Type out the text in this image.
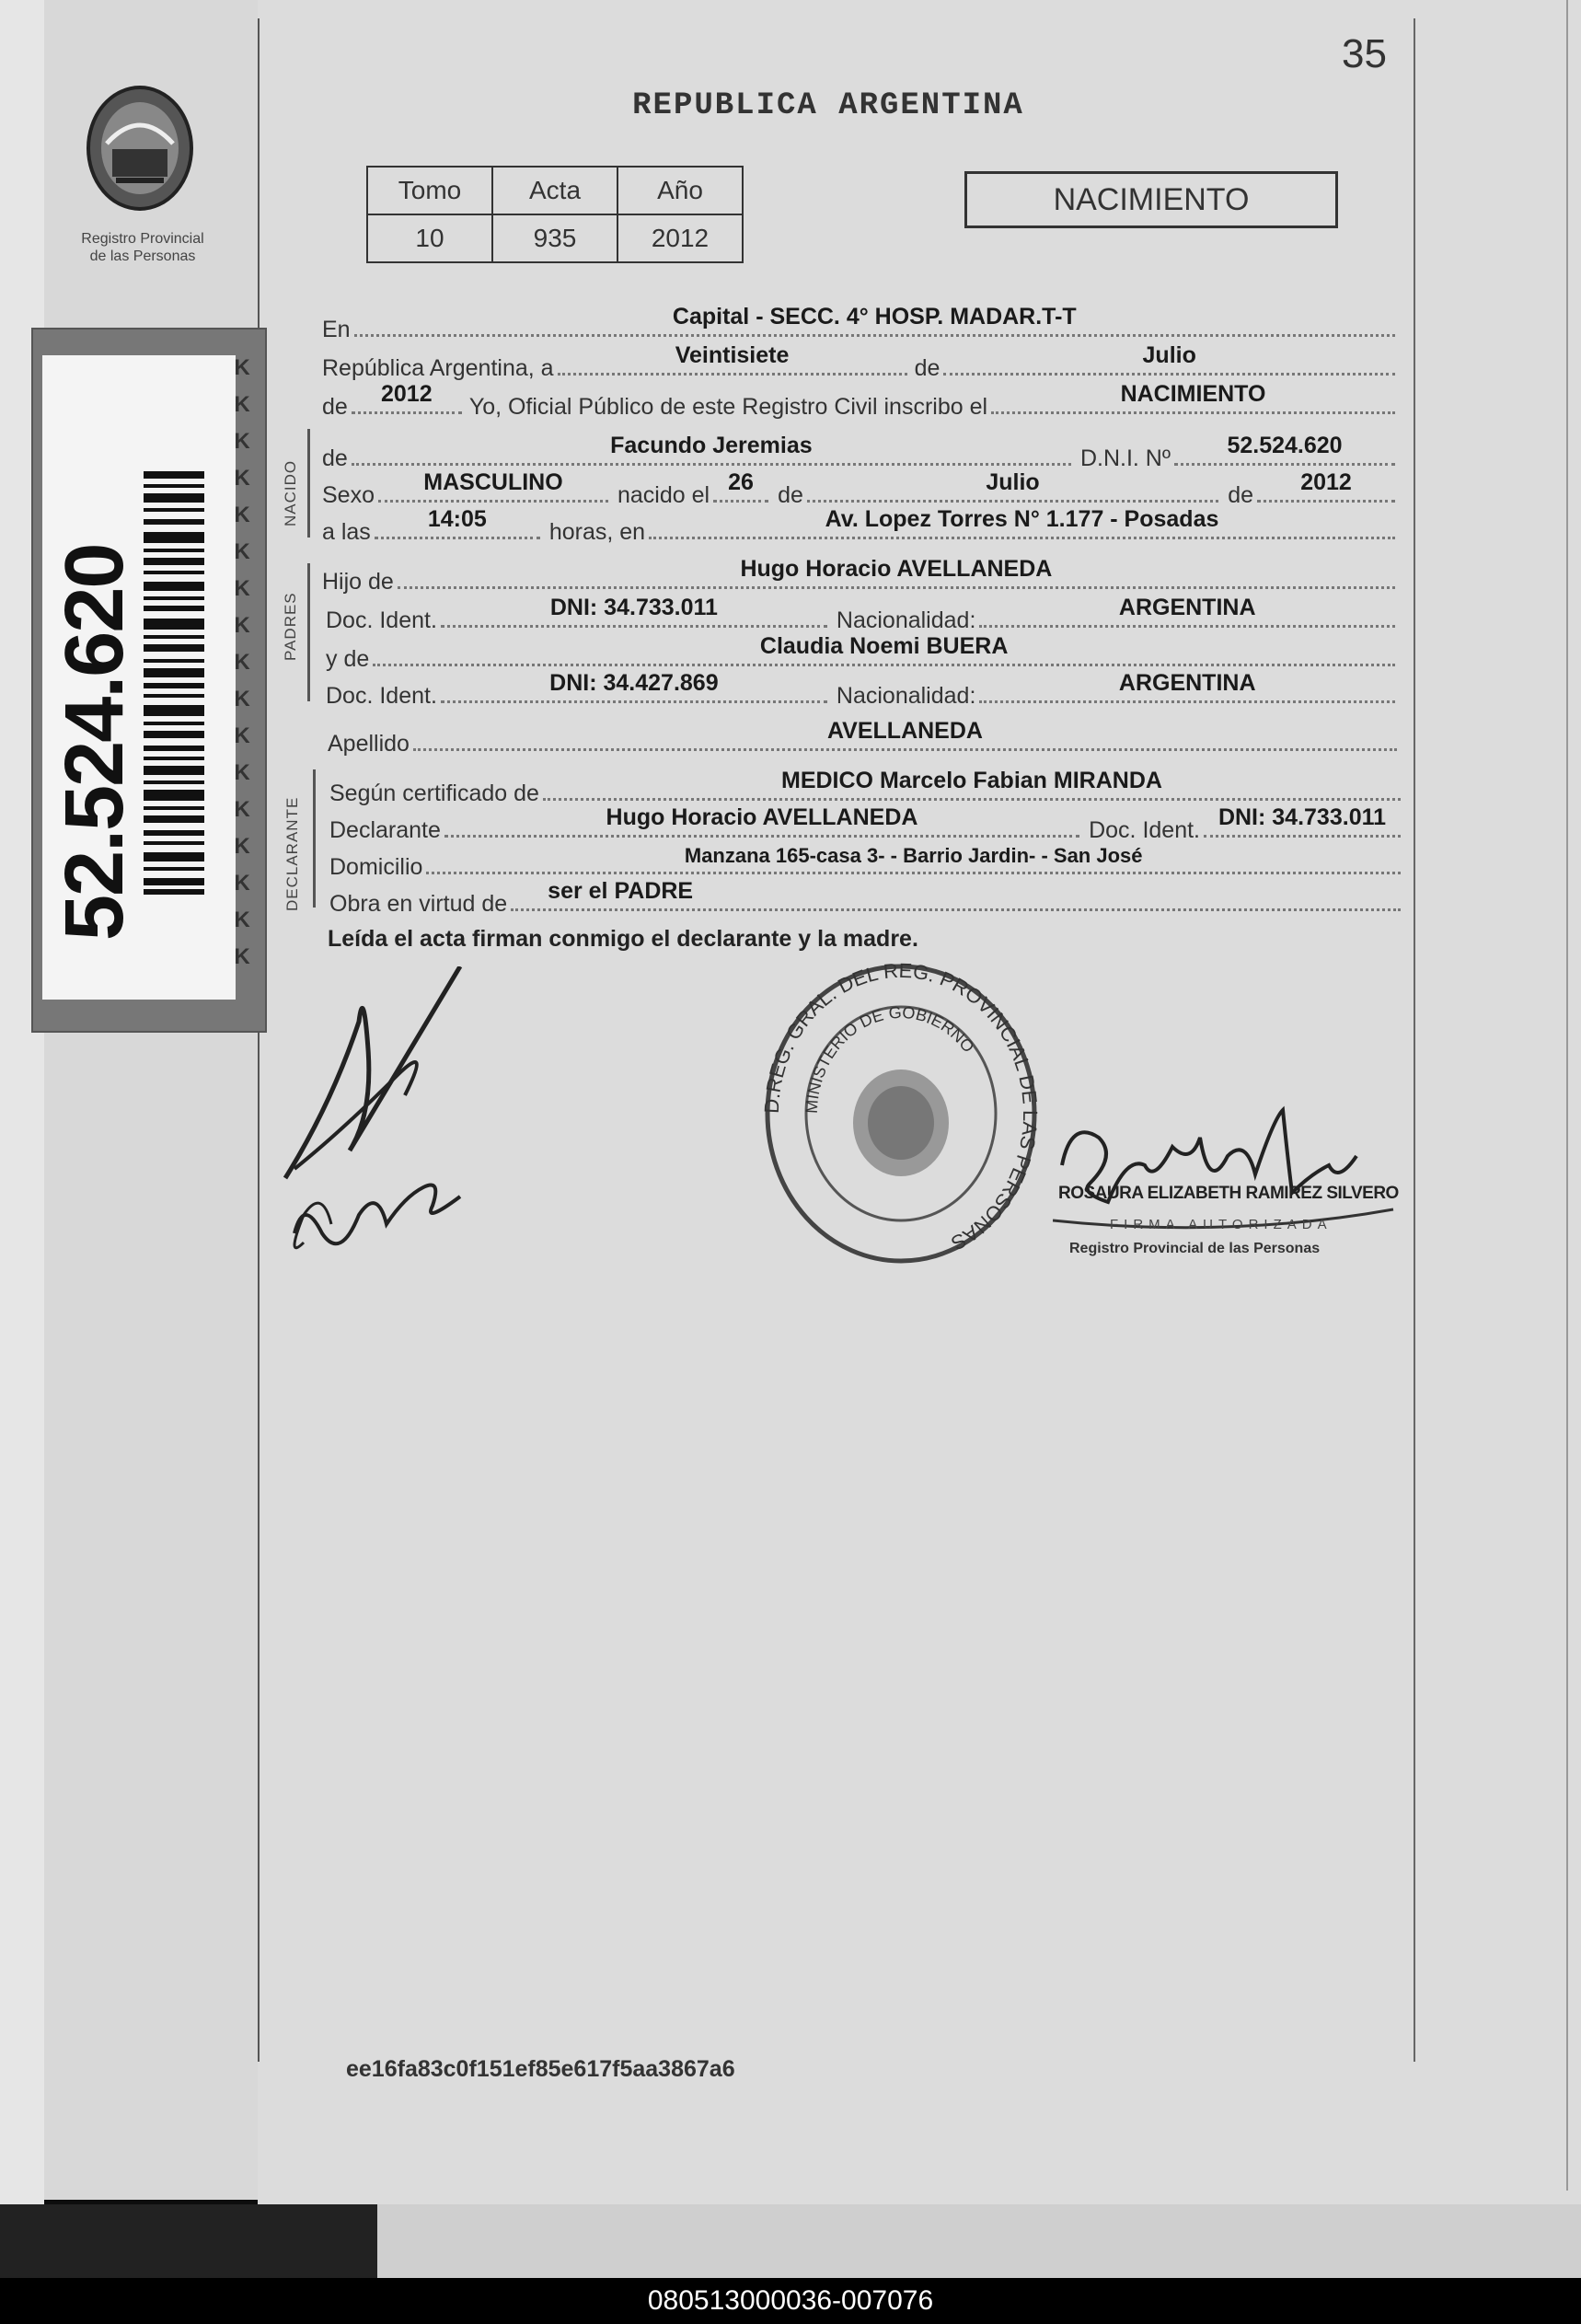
Registro Provincial
de las Personas
52.524.620
K
K
K
K
K
K
K
K
K
K
K
K
K
K
K
K
K
35
REPUBLICA ARGENTINA
Tomo	Acta	Año
10	935	2012
NACIMIENTO
NACIDO
PADRES
DECLARANTE
En	Capital - SECC. 4° HOSP. MADAR.T-T
República Argentina, a	Veintisiete	de	Julio
de	2012	Yo, Oficial Público de este Registro Civil inscribo el	NACIMIENTO
de	Facundo Jeremias	D.N.I. Nº	52.524.620
Sexo	MASCULINO	nacido el 26	de	Julio	de	2012
a las	14:05	horas, en	Av. Lopez Torres N° 1.177 - Posadas
Hijo de	Hugo Horacio AVELLANEDA
Doc. Ident.	DNI: 34.733.011	Nacionalidad:	ARGENTINA
y de	Claudia Noemi BUERA
Doc. Ident.	DNI: 34.427.869	Nacionalidad:	ARGENTINA
Apellido	AVELLANEDA
Según certificado de	MEDICO Marcelo Fabian MIRANDA
Declarante	Hugo Horacio AVELLANEDA	Doc. Ident. DNI: 34.733.011
Domicilio	Manzana 165-casa 3- - Barrio Jardin- - San José
Obra en virtud de ser el PADRE
Leída el acta firman conmigo el declarante y la madre.
D.REG. GRAL. DEL REG. PROVINCIAL DE LAS PERSONAS
MINISTERIO DE GOBIERNO
ROSAURA ELIZABETH RAMIREZ SILVERO
FIRMA AUTORIZADA
Registro Provincial de las Personas
ee16fa83c0f151ef85e617f5aa3867a6
080513000036-007076
